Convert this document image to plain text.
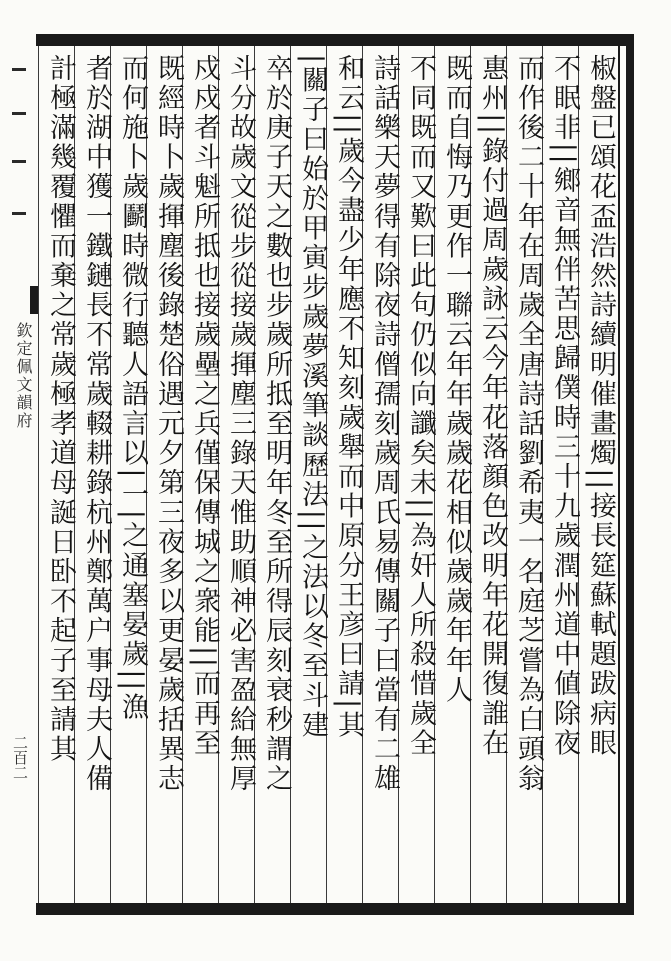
欽定佩文韻府
二百二	椒盤已頌花盃浩然詩續明催畫燭||接長筵蘇軾題跋病眼
不眠非||鄉音無伴苦思歸僕時三十九歲潤州道中値除夜
而作後二十年在周歲全唐詩話劉希夷一名庭芝嘗為白頭翁
惠州||錄付過周歲詠云今年花落顔色改明年花開復誰在
既而自悔乃更作一聯云年年歲歲花相似歲歲年年人
不同既而又歎曰此句仍似向讖矣未||為奸人所殺惜歲全
詩話樂天夢得有除夜詩僧孺刻歲周氏易傳關子曰當有二雄
和云||歲今盡少年應不知刻歲舉而中原分王彦曰請|其
|關子曰始於甲寅步歲夢溪筆談歷法||之法以冬至斗建
卒於庚子天之數也步歲所抵至明年冬至所得辰刻衰秒謂之
斗分故歲文從步從接歲揮塵三錄天惟助順神必害盈給無厚
戍戍者斗魁所抵也接歲壘之兵僅保傳城之衆能||而再至
既經時卜歲揮塵後錄楚俗遇元夕第三夜多以更晏歲括異志
而何施卜歲鬬時微行聽人語言以|一|之通塞晏歲||漁
者於湖中獲一鐵鏈長不常歲輟耕錄杭州鄭萬户事母夫人備
計極滿幾覆懼而棄之常歲極孝道母誕日卧不起子至請其
